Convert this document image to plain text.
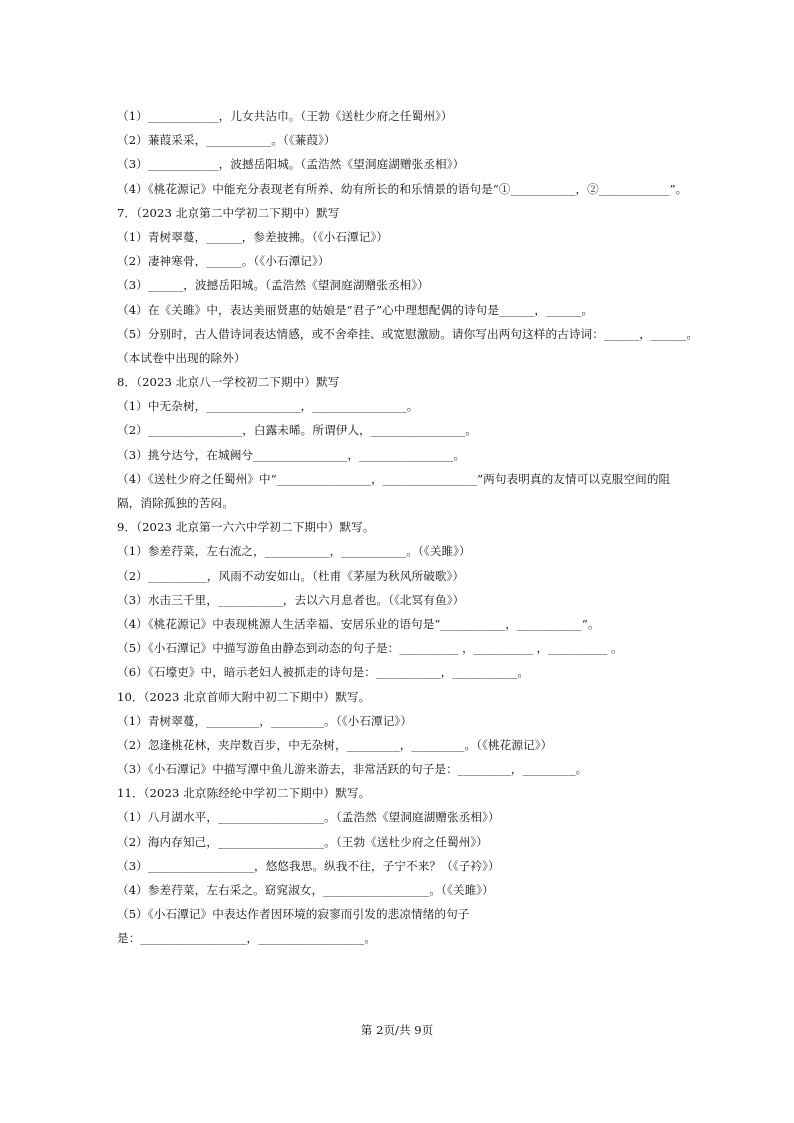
（1）____________，儿女共沾巾。（王勃《送杜少府之任蜀州》）
（2）蒹葭采采，___________。（《蒹葭》）
（3）____________，波撼岳阳城。（孟浩然《望洞庭湖赠张丞相》）
（4）《桃花源记》中能充分表现老有所养、幼有所长的和乐情景的语句是“①___________，②____________”。
7．（2023 北京第二中学初二下期中）默写
（1）青树翠蔓，______，参差披拂。（《小石潭记》）
（2）凄神寒骨，______。（《小石潭记》）
（3）______，波撼岳阳城。（孟浩然《望洞庭湖赠张丞相》）
（4）在《关雎》中，表达美丽贤惠的姑娘是“君子”心中理想配偶的诗句是______，______。
（5）分别时，古人借诗词表达情感，或不舍牵挂、或宽慰激励。请你写出两句这样的古诗词：______，______。
（本试卷中出现的除外）
8．（2023 北京八一学校初二下期中）默写
（1）中无杂树，________________，________________。
（2）________________，白露未晞。所谓伊人，________________。
（3）挑兮达兮，在城阙兮________________，________________。
（4）《送杜少府之任蜀州》中“________________，________________”两句表明真的友情可以克服空间的阻
隔，消除孤独的苦闷。
9．（2023 北京第一六六中学初二下期中）默写。
（1）参差荇菜，左右流之，___________，___________。（《关雎》）
（2）__________，风雨不动安如山。（杜甫《茅屋为秋风所破歌》）
（3）水击三千里，___________，去以六月息者也。（《北冥有鱼》）
（4）《桃花源记》中表现桃源人生活幸福、安居乐业的语句是“___________，___________”。
（5）《小石潭记》中描写游鱼由静态到动态的句子是：__________ ，__________ ，__________ 。
（6）《石壕吏》中，暗示老妇人被抓走的诗句是：___________，___________。
10．（2023 北京首师大附中初二下期中）默写。
（1）青树翠蔓，_________，_________。（《小石潭记》）
（2）忽逢桃花林，夹岸数百步，中无杂树，_________，_________。（《桃花源记》）
（3）《小石潭记》中描写潭中鱼儿游来游去，非常活跃的句子是：_________，_________。
11．（2023 北京陈经纶中学初二下期中）默写。
（1）八月湖水平，__________________。（孟浩然《望洞庭湖赠张丞相》）
（2）海内存知己，__________________。（王勃《送杜少府之任蜀州》）
（3）__________________，悠悠我思。纵我不往，子宁不来？（《子衿》）
（4）参差荇菜，左右采之。窈窕淑女，__________________。（《关雎》）
（5）《小石潭记》中表达作者因环境的寂寥而引发的悲凉情绪的句子
是：__________________，__________________。
第 2页/共 9页
